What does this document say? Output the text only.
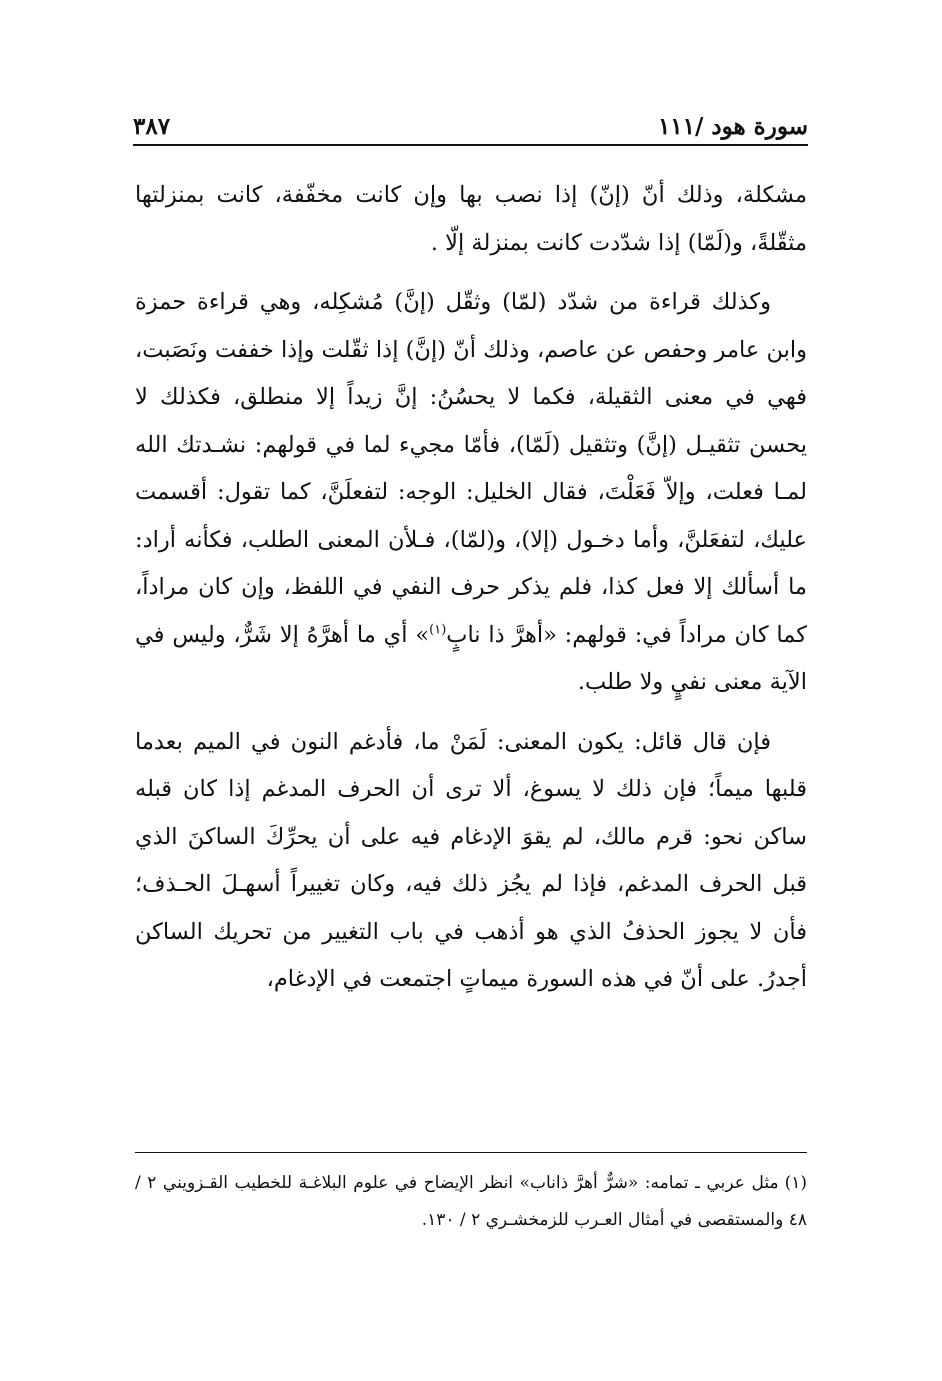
سورة هود /١١١
٣٨٧

مشكلة، وذلك أنّ (إنّ) إذا نصب بها وإن كانت مخفّفة، كانت بمنزلتها مثقّلةً، و(لَمّا) إذا شدّدت كانت بمنزلة إلّا .

وكذلك قراءة من شدّد (لمّا) وثقّل (إنَّ) مُشكِله، وهي قراءة حمزة وابن عامر وحفص عن عاصم، وذلك أنّ (إنَّ) إذا ثقّلت وإذا خففت ونَصَبت، فهي في معنى الثقيلة، فكما لا يحسُنُ: إنَّ زيداً إلا منطلق، فكذلك لا يحسن تثقيـل (إنَّ) وتثقيل (لَمّا)، فأمّا مجيء لما في قولهم: نشـدتك الله لمـا فعلت، وإلاّ فَعَلْتَ، فقال الخليل: الوجه: لتفعلَنَّ، كما تقول: أقسمت عليك، لتفعَلنَّ، وأما دخـول (إلا)، و(لمّا)، فـلأن المعنى الطلب، فكأنه أراد: ما أسألك إلا فعل كذا، فلم يذكر حرف النفي في اللفظ، وإن كان مراداً، كما كان مراداً في: قولهم: «أهرَّ ذا نابٍ$^{(١)}$» أي ما أهرَّهُ إلا شَرٌّ، وليس في الآية معنى نفيٍ ولا طلب.

فإن قال قائل: يكون المعنى: لَمَنْ ما، فأدغم النون في الميم بعدما قلبها ميماً؛ فإن ذلك لا يسوغ، ألا ترى أن الحرف المدغم إذا كان قبله ساكن نحو: قرم مالك، لم يقوَ الإدغام فيه على أن يحرِّكَ الساكنَ الذي قبل الحرف المدغم، فإذا لم يجُز ذلك فيه، وكان تغييراً أسهـلَ الحـذف؛ فأن لا يجوز الحذفُ الذي هو أذهب في باب التغيير من تحريك الساكن أجدرُ. على أنّ في هذه السورة ميماتٍ اجتمعت في الإدغام،

(١)مثل عربي ـ تمامه: «شرٌّ أهرَّ ذاناب» انظر الإيضاح في علوم البلاغـة للخطيب القـزويني ٢ / ٤٨ والمستقصى في أمثال العـرب للزمخشـري ٢ / ١٣٠.
